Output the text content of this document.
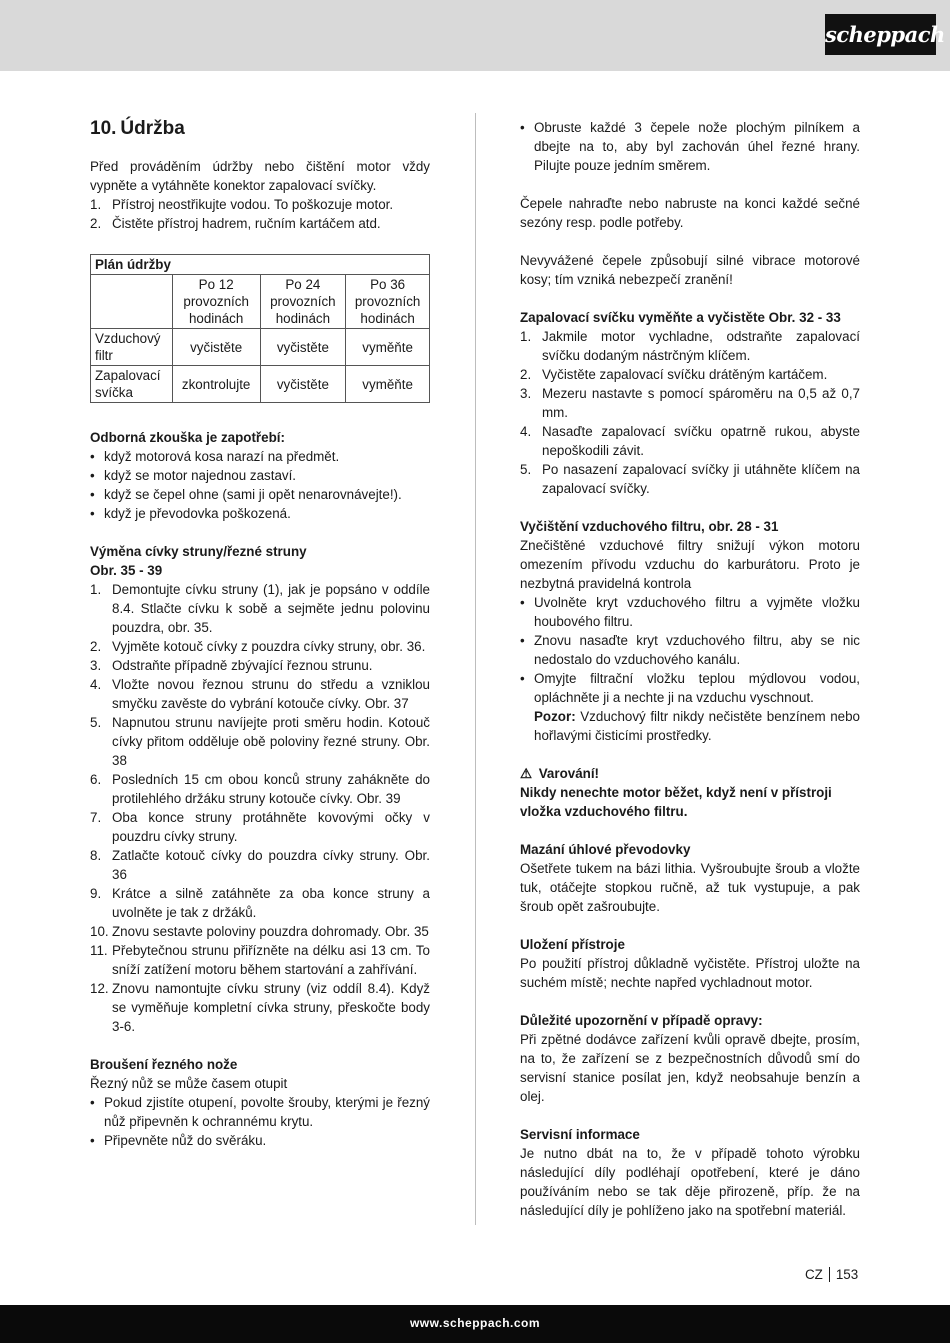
scheppach
10. Údržba

Před prováděním údržby nebo čištění motor vždy vypněte a vytáhněte konektor zapalovací svíčky.

1. Přístroj neostřikujte vodou. To poškozuje motor.
2. Čistěte přístroj hadrem, ručním kartáčem atd.
Plán údržby			
	Po 12 provozních hodinách	Po 24 provozních hodinách	Po 36 provozních hodinách
Vzduchový filtr	vyčistěte	vyčistěte	vyměňte
Zapalovací svíčka	zkontrolujte	vyčistěte	vyměňte

Odborná zkouška je zapotřebí:

• když motorová kosa narazí na předmět.
• když se motor najednou zastaví.
• když se čepel ohne (sami ji opět nenarovnávejte!).
• když je převodovka poškozená.

Výměna cívky struny/řezné struny

Obr. 35 - 39

1. Demontujte cívku struny (1), jak je popsáno v oddíle 8.4. Stlačte cívku k sobě a sejměte jednu polovinu pouzdra, obr. 35.
2. Vyjměte kotouč cívky z pouzdra cívky struny, obr. 36.
3. Odstraňte případně zbývající řeznou strunu.
4. Vložte novou řeznou strunu do středu a vzniklou smyčku zavěste do vybrání kotouče cívky. Obr. 37
5. Napnutou strunu navíjejte proti směru hodin. Kotouč cívky přitom odděluje obě poloviny řezné struny. Obr. 38
6. Posledních 15 cm obou konců struny zahákněte do protilehlého držáku struny kotouče cívky. Obr. 39
7. Oba konce struny protáhněte kovovými očky v pouzdru cívky struny.
8. Zatlačte kotouč cívky do pouzdra cívky struny. Obr. 36
9. Krátce a silně zatáhněte za oba konce struny a uvolněte je tak z držáků.
10. Znovu sestavte poloviny pouzdra dohromady. Obr. 35
11. Přebytečnou strunu přiřízněte na délku asi 13 cm. To sníží zatížení motoru během startování a zahřívání.
12. Znovu namontujte cívku struny (viz oddíl 8.4). Když se vyměňuje kompletní cívka struny, přeskočte body 3-6.

Broušení řezného nože

Řezný nůž se může časem otupit

• Pokud zjistíte otupení, povolte šrouby, kterými je řezný nůž připevněn k ochrannému krytu.
• Připevněte nůž do svěráku.
• Obruste každé 3 čepele nože plochým pilníkem a dbejte na to, aby byl zachován úhel řezné hrany. Pilujte pouze jedním směrem.

Čepele nahraďte nebo nabruste na konci každé sečné sezóny resp. podle potřeby.

Nevyvážené čepele způsobují silné vibrace motorové kosy; tím vzniká nebezpečí zranění!

Zapalovací svíčku vyměňte a vyčistěte Obr. 32 - 33

1. Jakmile motor vychladne, odstraňte zapalovací svíčku dodaným nástrčným klíčem.
2. Vyčistěte zapalovací svíčku drátěným kartáčem.
3. Mezeru nastavte s pomocí spároměru na 0,5 až 0,7 mm.
4. Nasaďte zapalovací svíčku opatrně rukou, abyste nepoškodili závit.
5. Po nasazení zapalovací svíčky ji utáhněte klíčem na zapalovací svíčky.

Vyčištění vzduchového filtru, obr. 28 - 31

Znečištěné vzduchové filtry snižují výkon motoru omezením přívodu vzduchu do karburátoru. Proto je nezbytná pravidelná kontrola

• Uvolněte kryt vzduchového filtru a vyjměte vložku houbového filtru.
• Znovu nasaďte kryt vzduchového filtru, aby se nic nedostalo do vzduchového kanálu.
• Omyjte filtrační vložku teplou mýdlovou vodou, opláchněte ji a nechte ji na vzduchu vyschnout.
Pozor: Vzduchový filtr nikdy nečistěte benzínem nebo hořlavými čisticími prostředky.

⚠ Varování!

Nikdy nenechte motor běžet, když není v přístroji vložka vzduchového filtru.

Mazání úhlové převodovky

Ošetřete tukem na bázi lithia. Vyšroubujte šroub a vložte tuk, otáčejte stopkou ručně, až tuk vystupuje, a pak šroub opět zašroubujte.

Uložení přístroje

Po použití přístroj důkladně vyčistěte. Přístroj uložte na suchém místě; nechte napřed vychladnout motor.

Důležité upozornění v případě opravy:

Při zpětné dodávce zařízení kvůli opravě dbejte, prosím, na to, že zařízení se z bezpečnostních důvodů smí do servisní stanice posílat jen, když neobsahuje benzín a olej.

Servisní informace

Je nutno dbát na to, že v případě tohoto výrobku následující díly podléhají opotřebení, které je dáno používáním nebo se tak děje přirozeně, příp. že na následující díly je pohlíženo jako na spotřební materiál.

CZ 153
www.scheppach.com
